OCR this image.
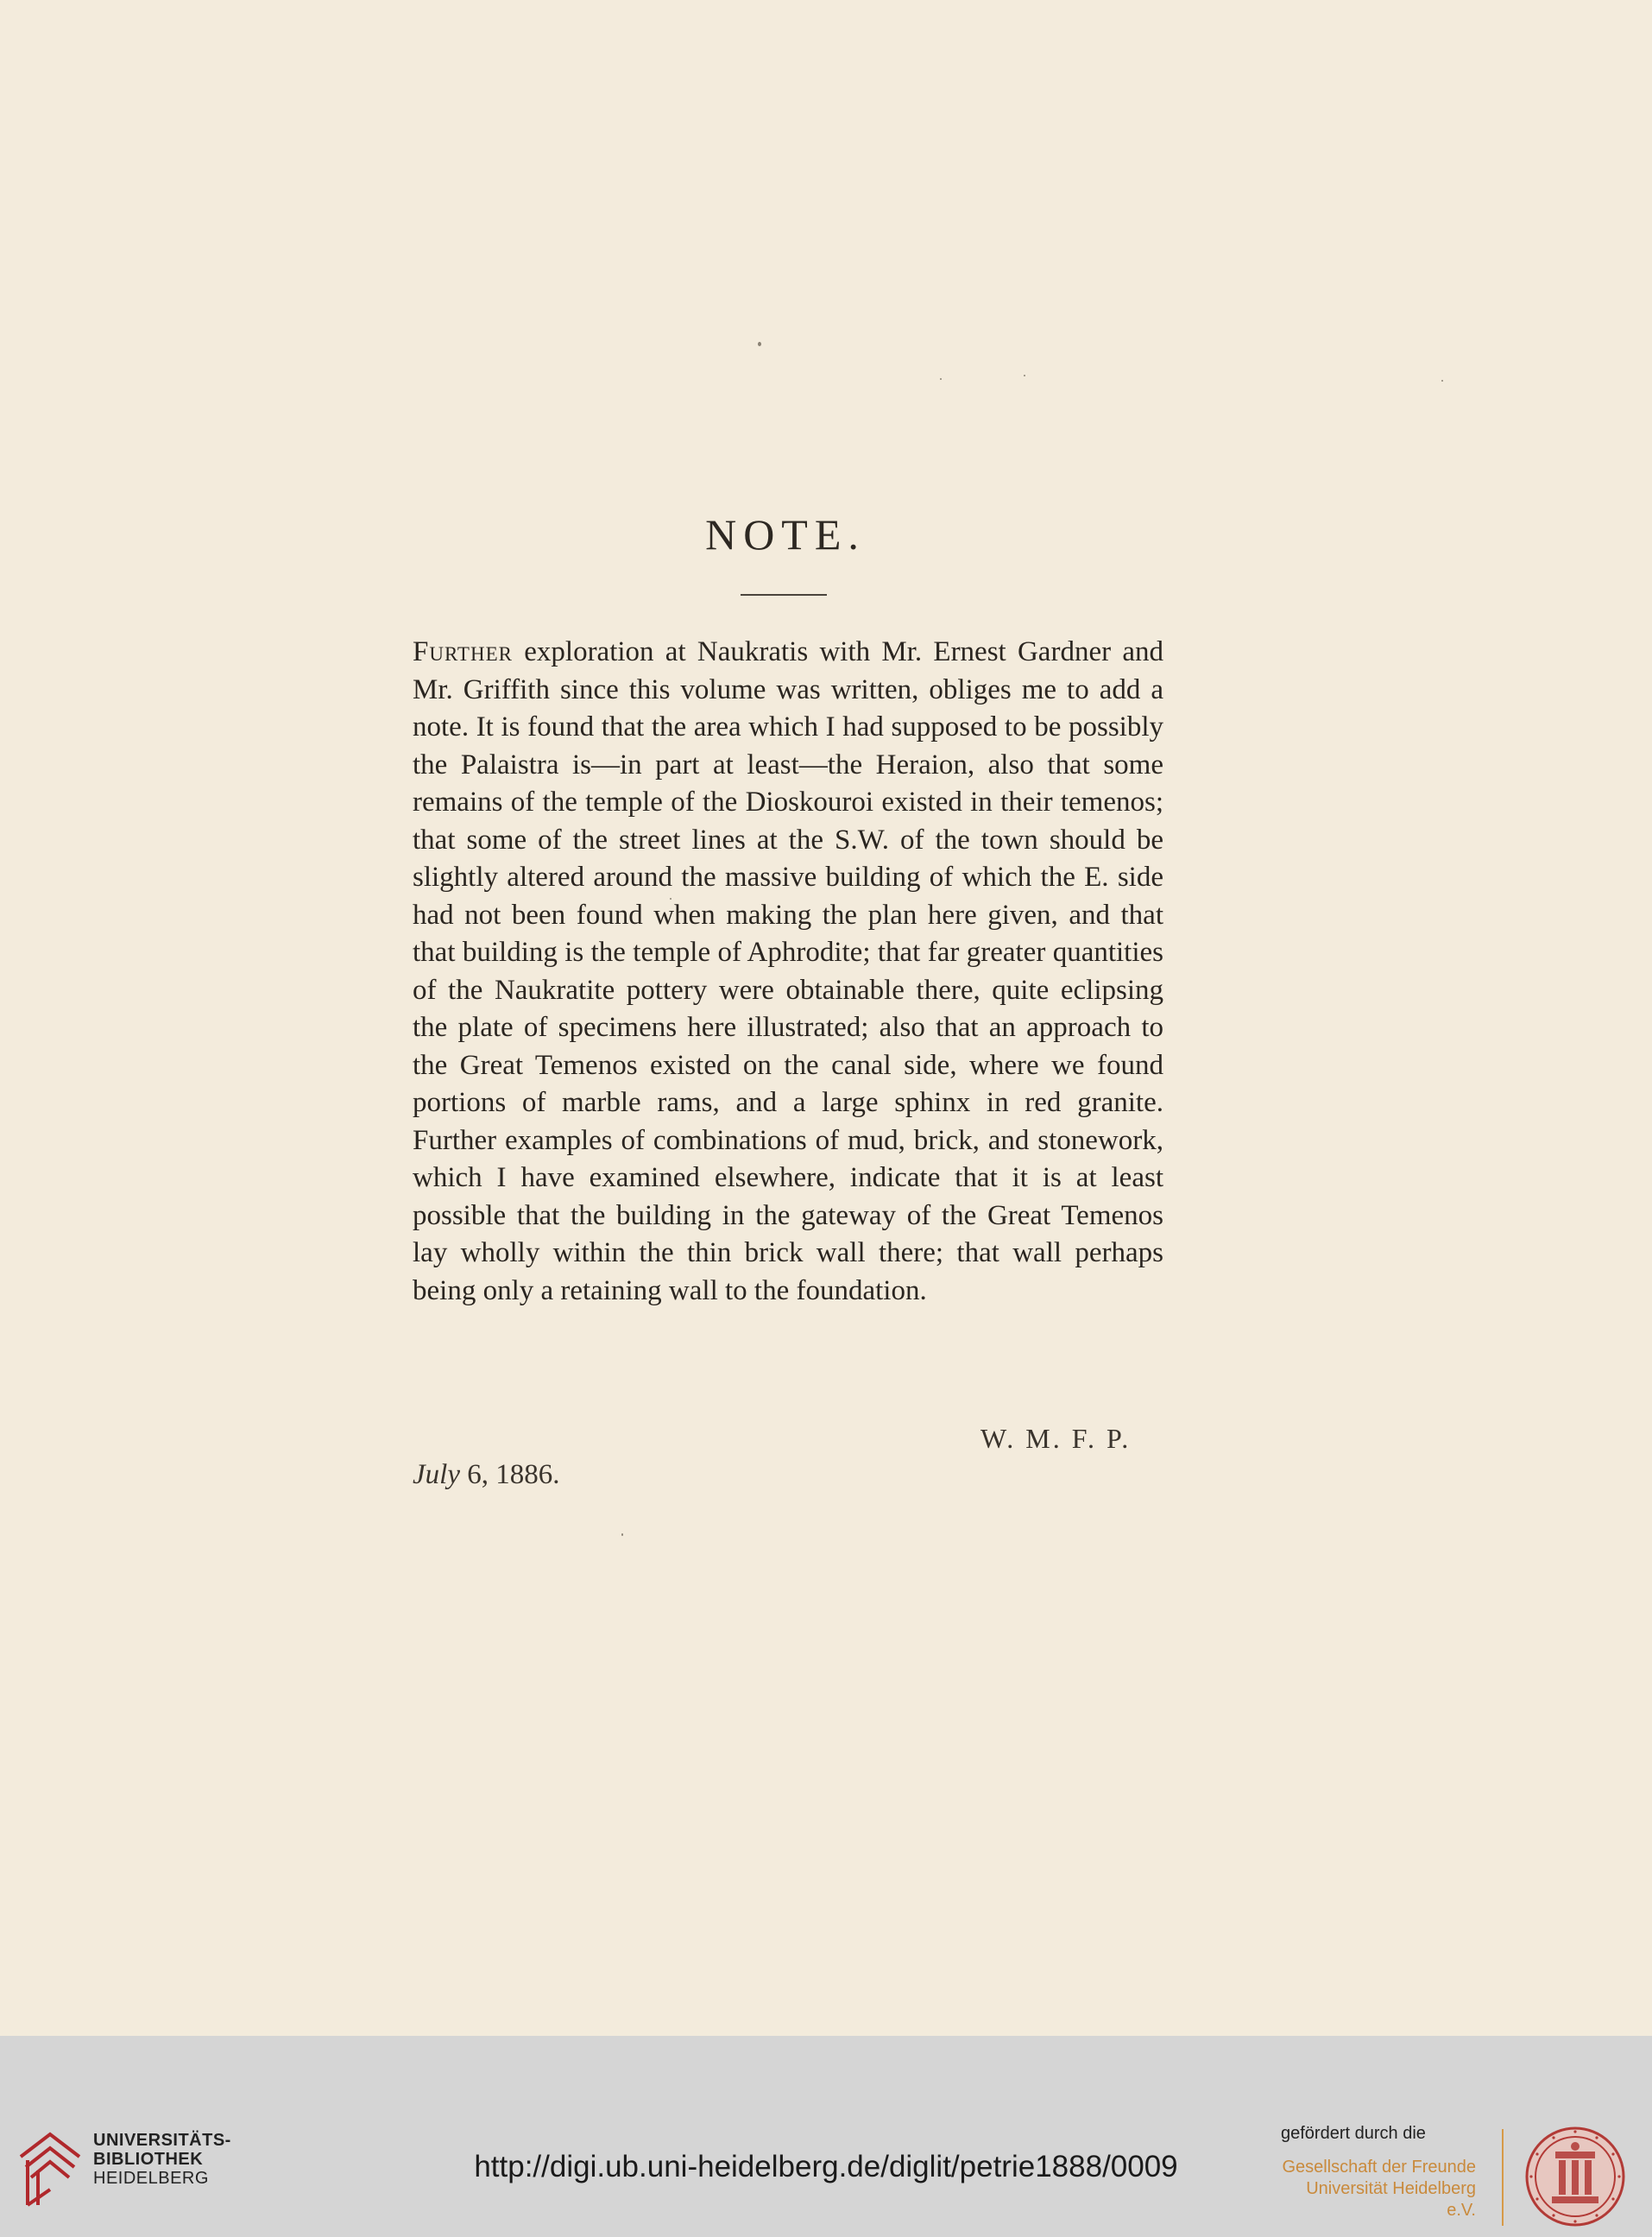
NOTE.
Further exploration at Naukratis with Mr. Ernest Gardner and Mr. Griffith since this volume was written, obliges me to add a note. It is found that the area which I had supposed to be possibly the Palaistra is—in part at least—the Heraion, also that some remains of the temple of the Dioskouroi existed in their temenos; that some of the street lines at the S.W. of the town should be slightly altered around the massive building of which the E. side had not been found when making the plan here given, and that that building is the temple of Aphrodite; that far greater quantities of the Naukratite pottery were obtainable there, quite eclipsing the plate of specimens here illustrated; also that an approach to the Great Temenos existed on the canal side, where we found portions of marble rams, and a large sphinx in red granite. Further examples of combinations of mud, brick, and stonework, which I have examined elsewhere, indicate that it is at least possible that the building in the gateway of the Great Temenos lay wholly within the thin brick wall there; that wall perhaps being only a retaining wall to the foundation.
W. M. F. P.
July 6, 1886.
UNIVERSITÄTS-
BIBLIOTHEK
HEIDELBERG	http://digi.ub.uni-heidelberg.de/diglit/petrie1888/0009
gefördert durch die
Gesellschaft der Freunde
Universität Heidelberg e.V.
